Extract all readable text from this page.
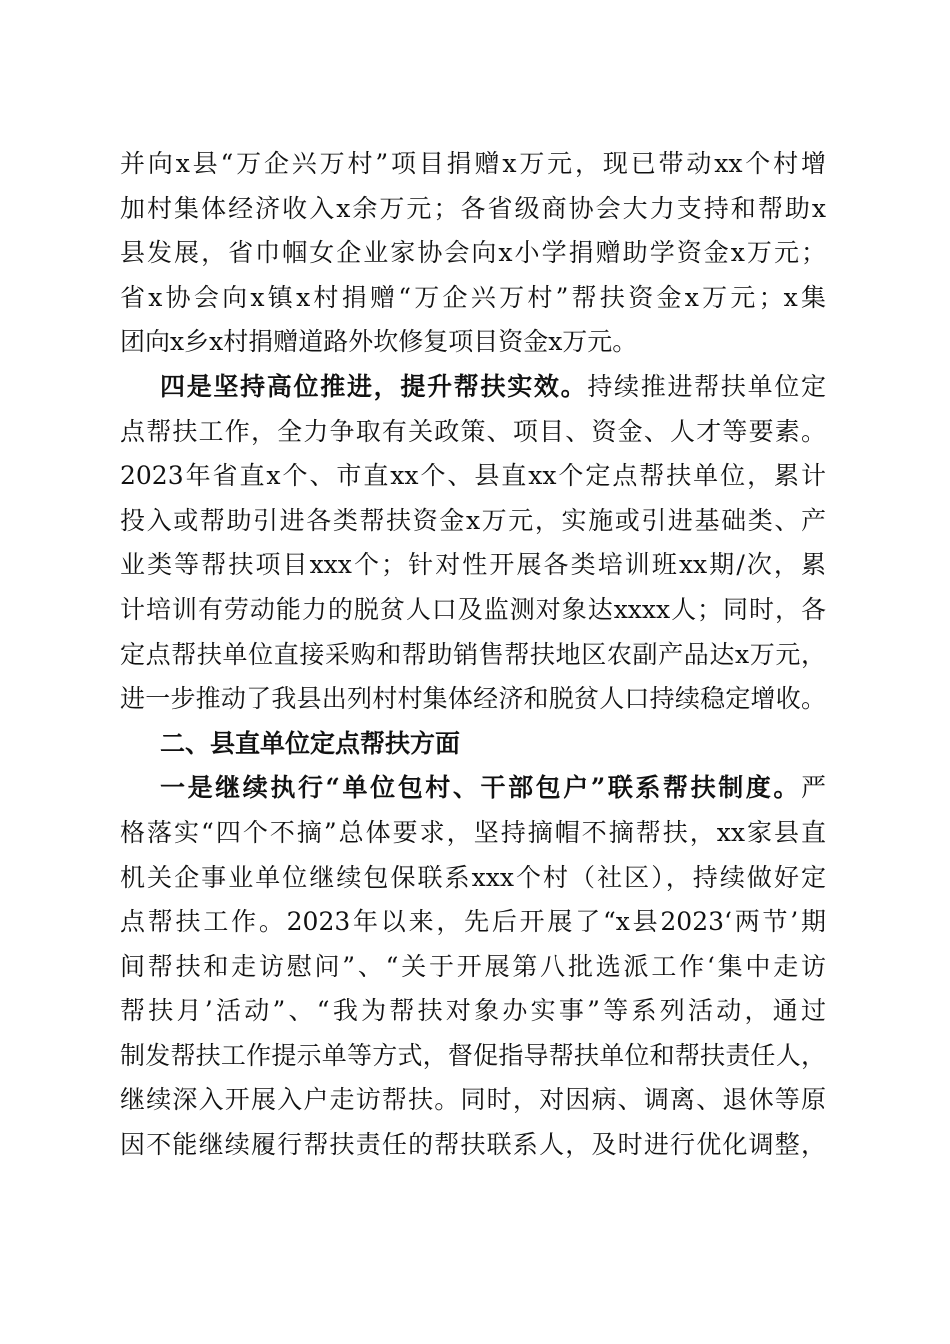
并向x县“万企兴万村”项目捐赠x万元，现已带动xx个村增
加村集体经济收入x余万元；各省级商协会大力支持和帮助x
县发展，省巾帼女企业家协会向x小学捐赠助学资金x万元；
省x协会向x镇x村捐赠“万企兴万村”帮扶资金x万元；x集
团向x乡x村捐赠道路外坎修复项目资金x万元。
四是坚持高位推进，提升帮扶实效。持续推进帮扶单位定
点帮扶工作，全力争取有关政策、项目、资金、人才等要素。
2023年省直x个、市直xx个、县直xx个定点帮扶单位，累计
投入或帮助引进各类帮扶资金x万元，实施或引进基础类、产
业类等帮扶项目xxx个；针对性开展各类培训班xx期/次，累
计培训有劳动能力的脱贫人口及监测对象达xxxx人；同时，各
定点帮扶单位直接采购和帮助销售帮扶地区农副产品达x万元，
进一步推动了我县出列村村集体经济和脱贫人口持续稳定增收。
二、县直单位定点帮扶方面
一是继续执行“单位包村、干部包户”联系帮扶制度。严
格落实“四个不摘”总体要求，坚持摘帽不摘帮扶，xx家县直
机关企事业单位继续包保联系xxx个村（社区），持续做好定
点帮扶工作。2023年以来，先后开展了“x县2023‘两节’期
间帮扶和走访慰问”、“关于开展第八批选派工作‘集中走访
帮扶月’活动”、“我为帮扶对象办实事”等系列活动，通过
制发帮扶工作提示单等方式，督促指导帮扶单位和帮扶责任人，
继续深入开展入户走访帮扶。同时，对因病、调离、退休等原
因不能继续履行帮扶责任的帮扶联系人，及时进行优化调整，
